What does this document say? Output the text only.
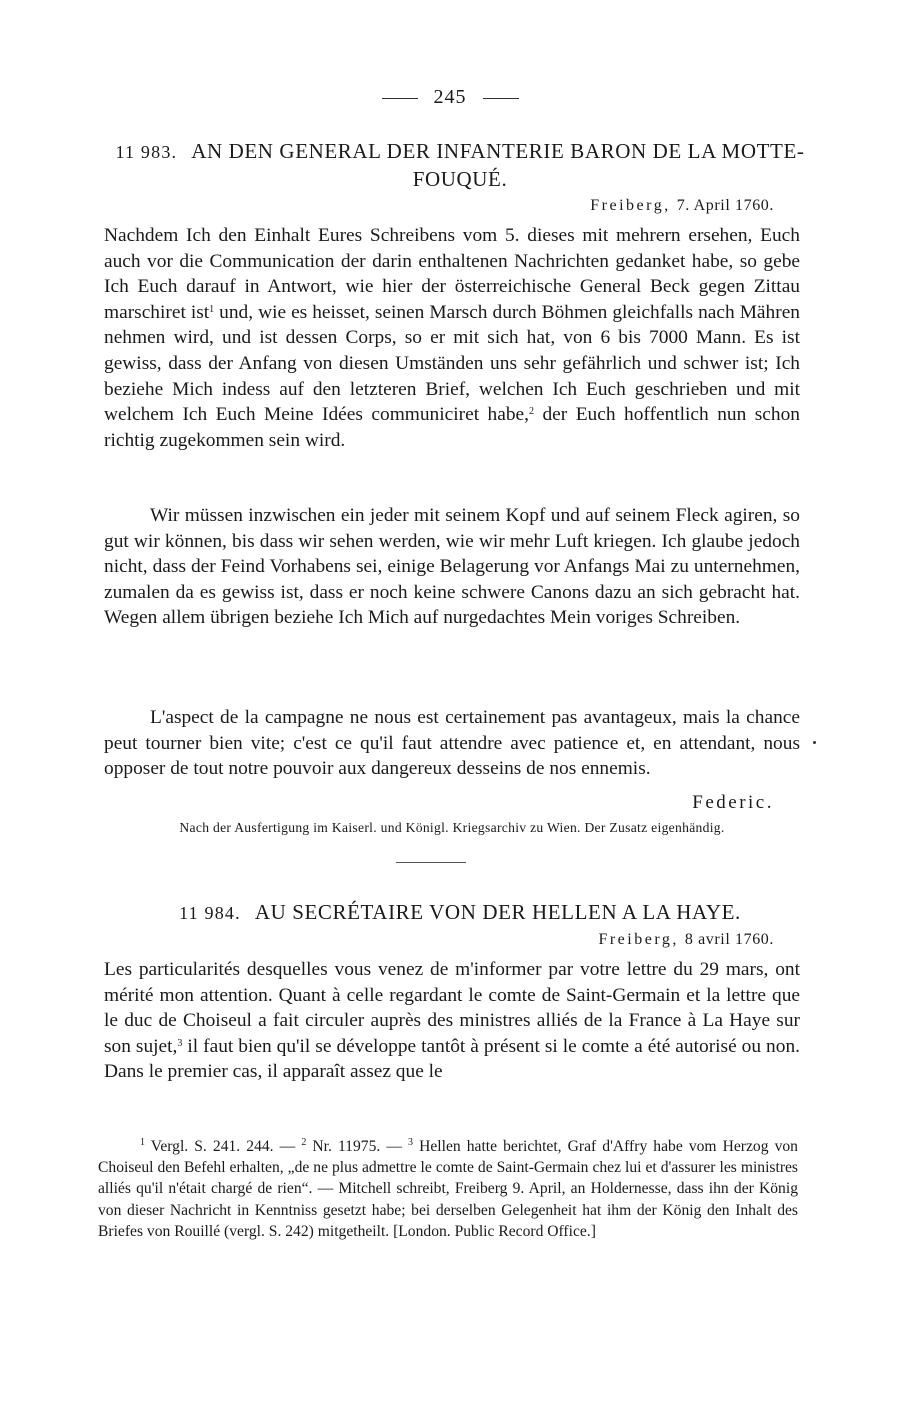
245
11 983. AN DEN GENERAL DER INFANTERIE BARON DE LA MOTTE-FOUQUÉ.
Freiberg, 7. April 1760.
Nachdem Ich den Einhalt Eures Schreibens vom 5. dieses mit mehrern ersehen, Euch auch vor die Communication der darin enthaltenen Nachrichten gedanket habe, so gebe Ich Euch darauf in Antwort, wie hier der österreichische General Beck gegen Zittau marschiret ist$^1$ und, wie es heisset, seinen Marsch durch Böhmen gleichfalls nach Mähren nehmen wird, und ist dessen Corps, so er mit sich hat, von 6 bis 7000 Mann. Es ist gewiss, dass der Anfang von diesen Umständen uns sehr gefährlich und schwer ist; Ich beziehe Mich indess auf den letzteren Brief, welchen Ich Euch geschrieben und mit welchem Ich Euch Meine Idées communiciret habe,$^2$ der Euch hoffentlich nun schon richtig zugekommen sein wird.
Wir müssen inzwischen ein jeder mit seinem Kopf und auf seinem Fleck agiren, so gut wir können, bis dass wir sehen werden, wie wir mehr Luft kriegen. Ich glaube jedoch nicht, dass der Feind Vorhabens sei, einige Belagerung vor Anfangs Mai zu unternehmen, zumalen da es gewiss ist, dass er noch keine schwere Canons dazu an sich gebracht hat. Wegen allem übrigen beziehe Ich Mich auf nurgedachtes Mein voriges Schreiben.
L'aspect de la campagne ne nous est certainement pas avantageux, mais la chance peut tourner bien vite; c'est ce qu'il faut attendre avec patience et, en attendant, nous opposer de tout notre pouvoir aux dangereux desseins de nos ennemis.
Federic.
Nach der Ausfertigung im Kaiserl. und Königl. Kriegsarchiv zu Wien. Der Zusatz eigenhändig.
11 984. AU SECRÉTAIRE VON DER HELLEN A LA HAYE.
Freiberg, 8 avril 1760.
Les particularités desquelles vous venez de m'informer par votre lettre du 29 mars, ont mérité mon attention. Quant à celle regardant le comte de Saint-Germain et la lettre que le duc de Choiseul a fait circuler auprès des ministres alliés de la France à La Haye sur son sujet,$^3$ il faut bien qu'il se développe tantôt à présent si le comte a été autorisé ou non. Dans le premier cas, il apparaît assez que le
$^1$ Vergl. S. 241. 244. — $^2$ Nr. 11975. — $^3$ Hellen hatte berichtet, Graf d'Affry habe vom Herzog von Choiseul den Befehl erhalten, „de ne plus admettre le comte de Saint-Germain chez lui et d'assurer les ministres alliés qu'il n'était chargé de rien“. — Mitchell schreibt, Freiberg 9. April, an Holdernesse, dass ihn der König von dieser Nachricht in Kenntniss gesetzt habe; bei derselben Gelegenheit hat ihm der König den Inhalt des Briefes von Rouillé (vergl. S. 242) mitgetheilt. [London. Public Record Office.]
